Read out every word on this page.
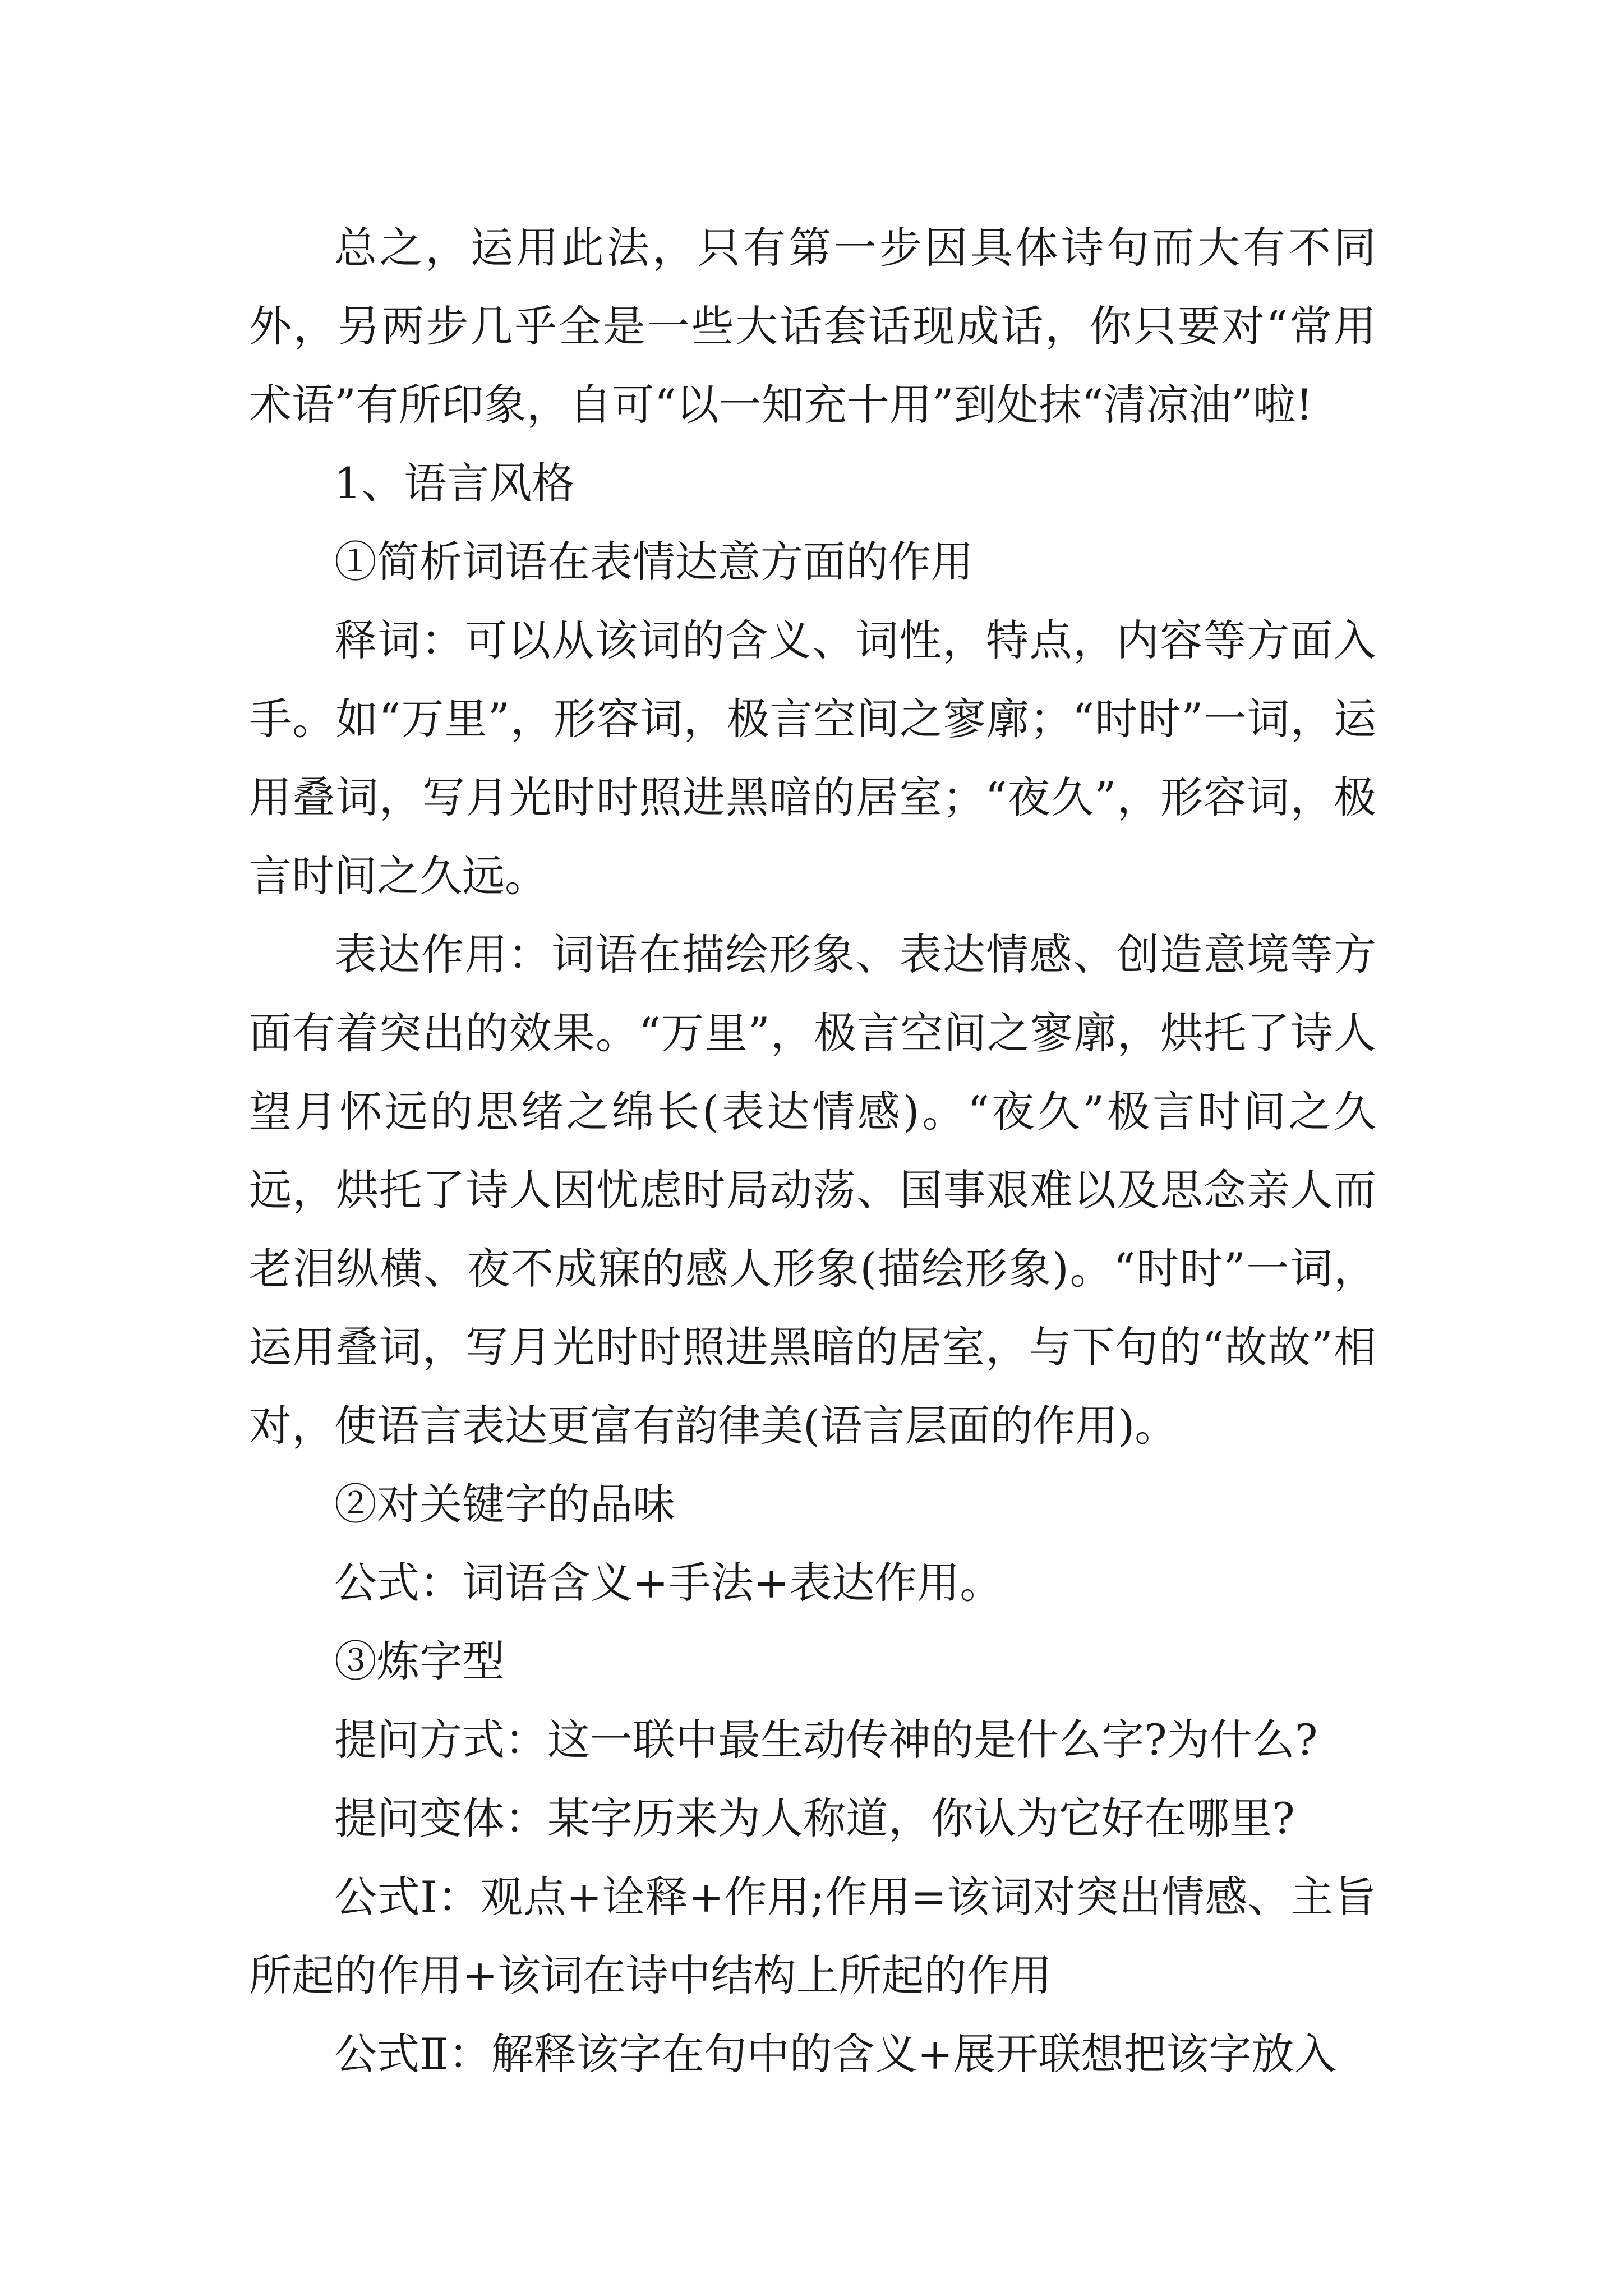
总之，运用此法，只有第一步因具体诗句而大有不同外，另两步几乎全是一些大话套话现成话，你只要对“常用术语”有所印象，自可“以一知充十用”到处抹“清凉油”啦!

1、语言风格

①简析词语在表情达意方面的作用

释词：可以从该词的含义、词性，特点，内容等方面入手。如“万里”，形容词，极言空间之寥廓；“时时”一词，运用叠词，写月光时时照进黑暗的居室；“夜久”，形容词，极言时间之久远。

表达作用：词语在描绘形象、表达情感、创造意境等方面有着突出的效果。“万里”，极言空间之寥廓，烘托了诗人望月怀远的思绪之绵长(表达情感)。“夜久”极言时间之久远，烘托了诗人因忧虑时局动荡、国事艰难以及思念亲人而老泪纵横、夜不成寐的感人形象(描绘形象)。“时时”一词，运用叠词，写月光时时照进黑暗的居室，与下句的“故故”相对，使语言表达更富有韵律美(语言层面的作用)。

②对关键字的品味

公式：词语含义+手法+表达作用。

③炼字型

提问方式：这一联中最生动传神的是什么字?为什么?

提问变体：某字历来为人称道，你认为它好在哪里?

公式Ⅰ：观点+诠释+作用;作用=该词对突出情感、主旨所起的作用+该词在诗中结构上所起的作用

公式Ⅱ：解释该字在句中的含义+展开联想把该字放入
